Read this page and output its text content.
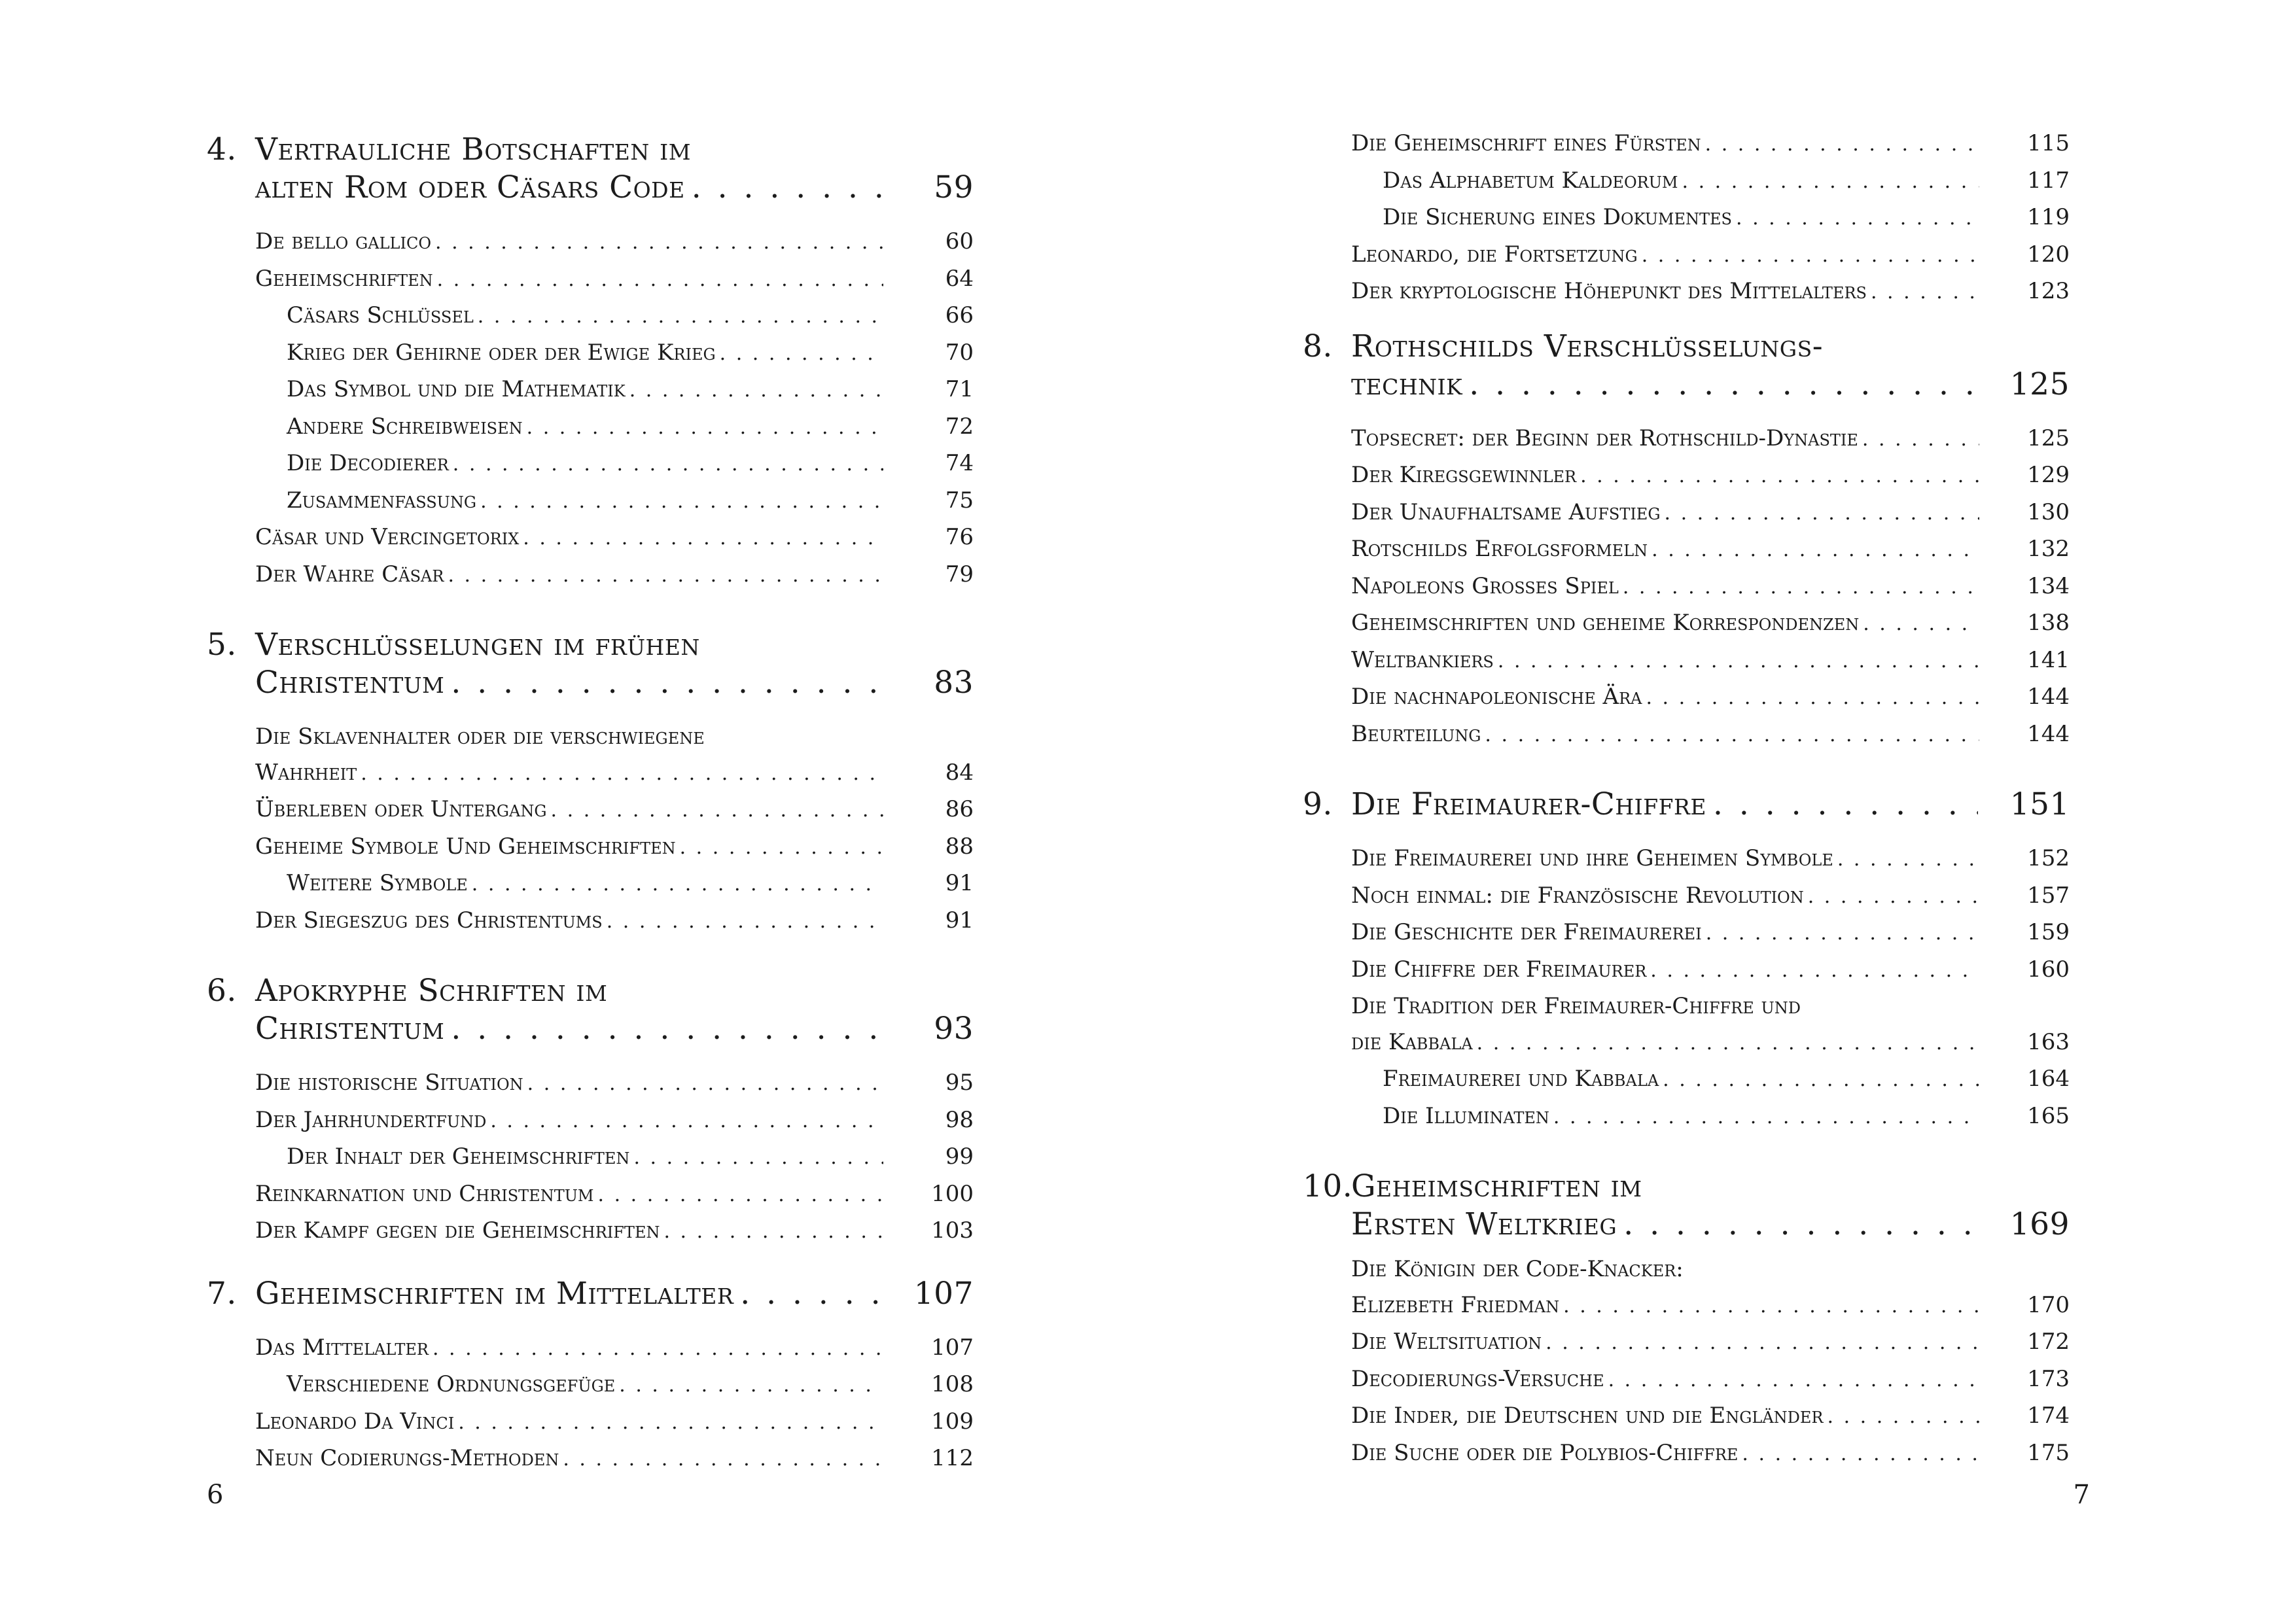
4. Vertrauliche Botschaften im
alten Rom oder Cäsars Code . . .	59
De bello gallico . . .	60
Geheimschriften . . .	64
Cäsars Schlüssel . . .	66
Krieg der Gehirne oder der Ewige Krieg . . .	70
Das Symbol und die Mathematik . . .	71
Andere Schreibweisen . . .	72
Die Decodierer . . .	74
Zusammenfassung . . .	75
Cäsar und Vercingetorix . . .	76
Der Wahre Cäsar . . .	79
5. Verschlüsselungen im frühen
Christentum . . .	83
Die Sklavenhalter oder die verschwiegene
Wahrheit . . .	84
Überleben oder Untergang . . .	86
Geheime Symbole Und Geheimschriften . . .	88
Weitere Symbole . . .	91
Der Siegeszug des Christentums . . .	91
6. Apokryphe Schriften im
Christentum . . .	93
Die historische Situation . . .	95
Der Jahrhundertfund . . .	98
Der Inhalt der Geheimschriften . . .	99
Reinkarnation und Christentum . . .	100
Der Kampf gegen die Geheimschriften . . .	103
7. Geheimschriften im Mittelalter . . .	107
Das Mittelalter . . .	107
Verschiedene Ordnungsgefüge . . .	108
Leonardo Da Vinci . . .	109
Neun Codierungs-Methoden . . .	112
6
Die Geheimschrift eines Fürsten . . .	115
Das Alphabetum Kaldeorum . . .	117
Die Sicherung eines Dokumentes . . .	119
Leonardo, die Fortsetzung . . .	120
Der kryptologische Höhepunkt des Mittelalters . . .	123
8. Rothschilds Verschlüsselungs-
technik . . .	125
Topsecret: der Beginn der Rothschild-Dynastie . . .	125
Der Kiregsgewinnler . . .	129
Der Unaufhaltsame Aufstieg . . .	130
Rotschilds Erfolgsformeln . . .	132
Napoleons Grosses Spiel . . .	134
Geheimschriften und geheime Korrespondenzen . . .	138
Weltbankiers . . .	141
Die nachnapoleonische Ära . . .	144
Beurteilung . . .	144
9. Die Freimaurer-Chiffre . . .	151
Die Freimaurerei und ihre Geheimen Symbole . . .	152
Noch einmal: die Französische Revolution . . .	157
Die Geschichte der Freimaurerei . . .	159
Die Chiffre der Freimaurer . . .	160
Die Tradition der Freimaurer-Chiffre und
die Kabbala . . .	163
Freimaurerei und Kabbala . . .	164
Die Illuminaten . . .	165
10.
Geheimschriften im
Ersten Weltkrieg . . .	169
Die Königin der Code-Knacker:
Elizebeth Friedman . . .	170
Die Weltsituation . . .	172
Decodierungs-Versuche . . .	173
Die Inder, die Deutschen und die Engländer . . .	174
Die Suche oder die Polybios-Chiffre . . .	175
7
